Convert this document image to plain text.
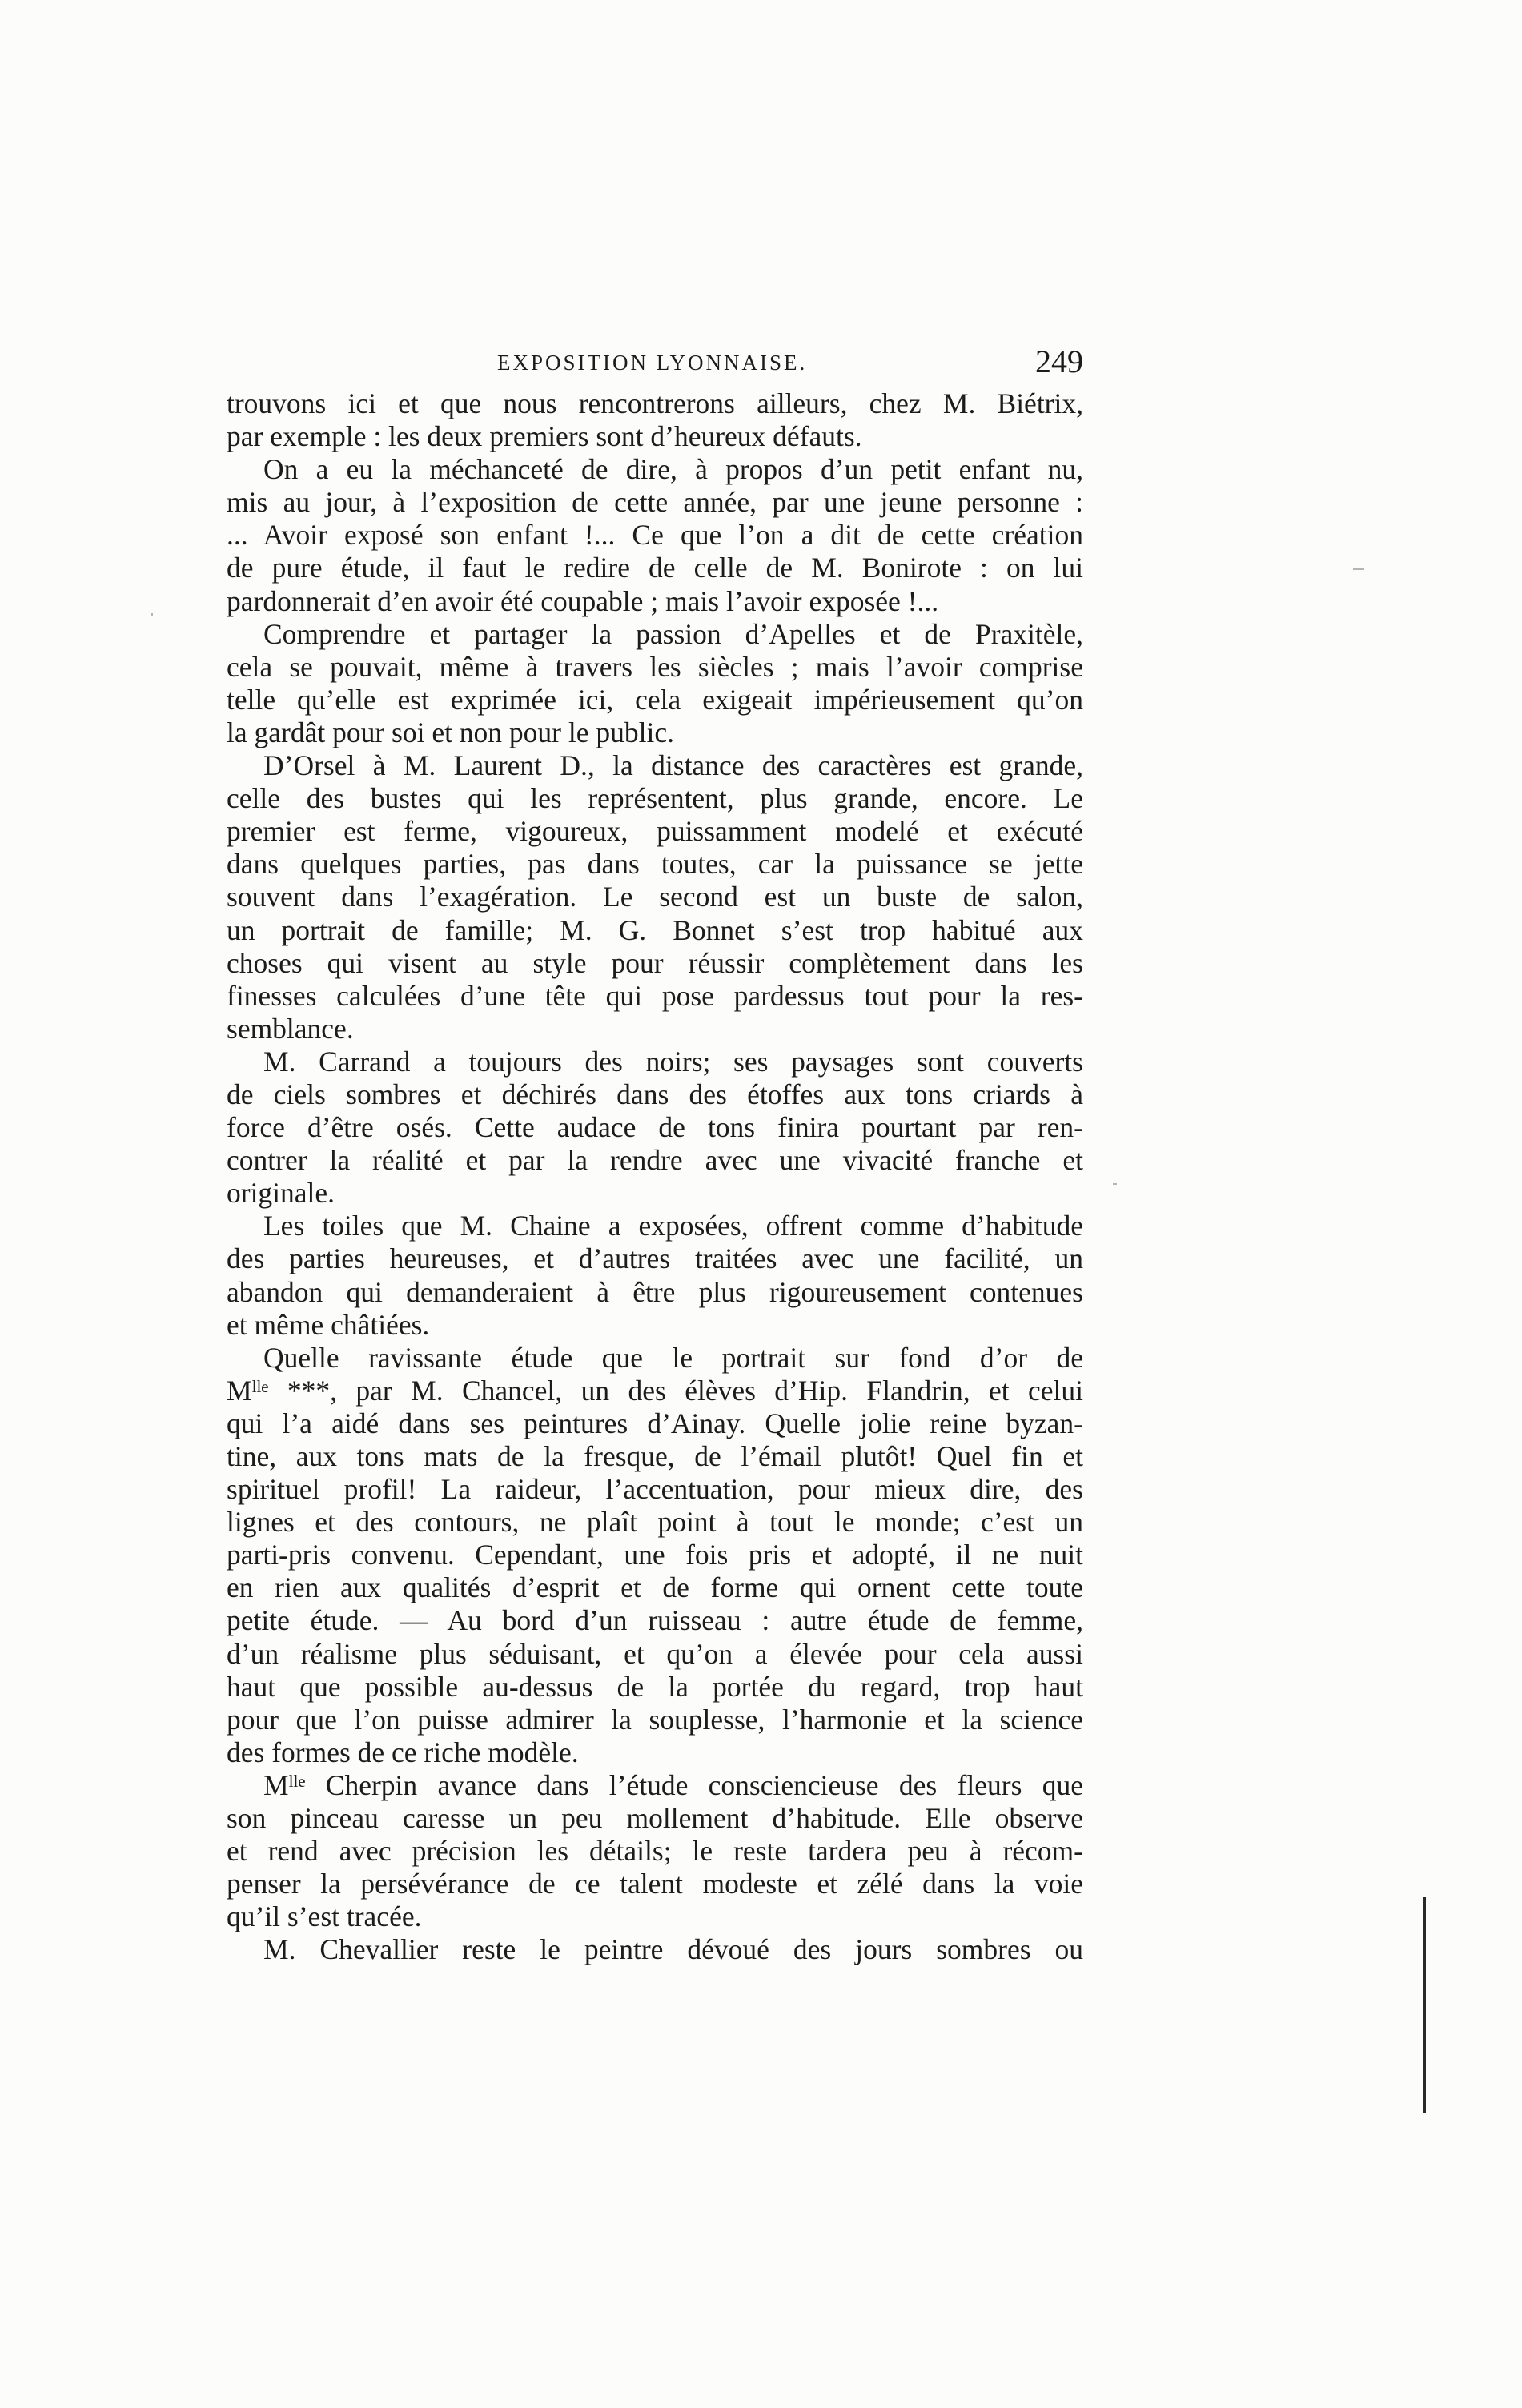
EXPOSITION LYONNAISE.	249
trouvons ici et que nous rencontrerons ailleurs, chez M. Biétrix,
par exemple : les deux premiers sont d’heureux défauts.
On a eu la méchanceté de dire, à propos d’un petit enfant nu,
mis au jour, à l’exposition de cette année, par une jeune personne :
... Avoir exposé son enfant !... Ce que l’on a dit de cette création
de pure étude, il faut le redire de celle de M. Bonirote : on lui
pardonnerait d’en avoir été coupable ; mais l’avoir exposée !...
Comprendre et partager la passion d’Apelles et de Praxitèle,
cela se pouvait, même à travers les siècles ; mais l’avoir comprise
telle qu’elle est exprimée ici, cela exigeait impérieusement qu’on
la gardât pour soi et non pour le public.
D’Orsel à M. Laurent D., la distance des caractères est grande,
celle des bustes qui les représentent, plus grande, encore. Le
premier est ferme, vigoureux, puissamment modelé et exécuté
dans quelques parties, pas dans toutes, car la puissance se jette
souvent dans l’exagération. Le second est un buste de salon,
un portrait de famille; M. G. Bonnet s’est trop habitué aux
choses qui visent au style pour réussir complètement dans les
finesses calculées d’une tête qui pose pardessus tout pour la res-
semblance.
M. Carrand a toujours des noirs; ses paysages sont couverts
de ciels sombres et déchirés dans des étoffes aux tons criards à
force d’être osés. Cette audace de tons finira pourtant par ren-
contrer la réalité et par la rendre avec une vivacité franche et
originale.
Les toiles que M. Chaine a exposées, offrent comme d’habitude
des parties heureuses, et d’autres traitées avec une facilité, un
abandon qui demanderaient à être plus rigoureusement contenues
et même châtiées.
Quelle ravissante étude que le portrait sur fond d’or de
Mˡˡᵉ ***, par M. Chancel, un des élèves d’Hip. Flandrin, et celui
qui l’a aidé dans ses peintures d’Ainay. Quelle jolie reine byzan-
tine, aux tons mats de la fresque, de l’émail plutôt! Quel fin et
spirituel profil! La raideur, l’accentuation, pour mieux dire, des
lignes et des contours, ne plaît point à tout le monde; c’est un
parti-pris convenu. Cependant, une fois pris et adopté, il ne nuit
en rien aux qualités d’esprit et de forme qui ornent cette toute
petite étude. — Au bord d’un ruisseau : autre étude de femme,
d’un réalisme plus séduisant, et qu’on a élevée pour cela aussi
haut que possible au-dessus de la portée du regard, trop haut
pour que l’on puisse admirer la souplesse, l’harmonie et la science
des formes de ce riche modèle.
Mˡˡᵉ Cherpin avance dans l’étude consciencieuse des fleurs que
son pinceau caresse un peu mollement d’habitude. Elle observe
et rend avec précision les détails; le reste tardera peu à récom-
penser la persévérance de ce talent modeste et zélé dans la voie
qu’il s’est tracée.
M. Chevallier reste le peintre dévoué des jours sombres ou
